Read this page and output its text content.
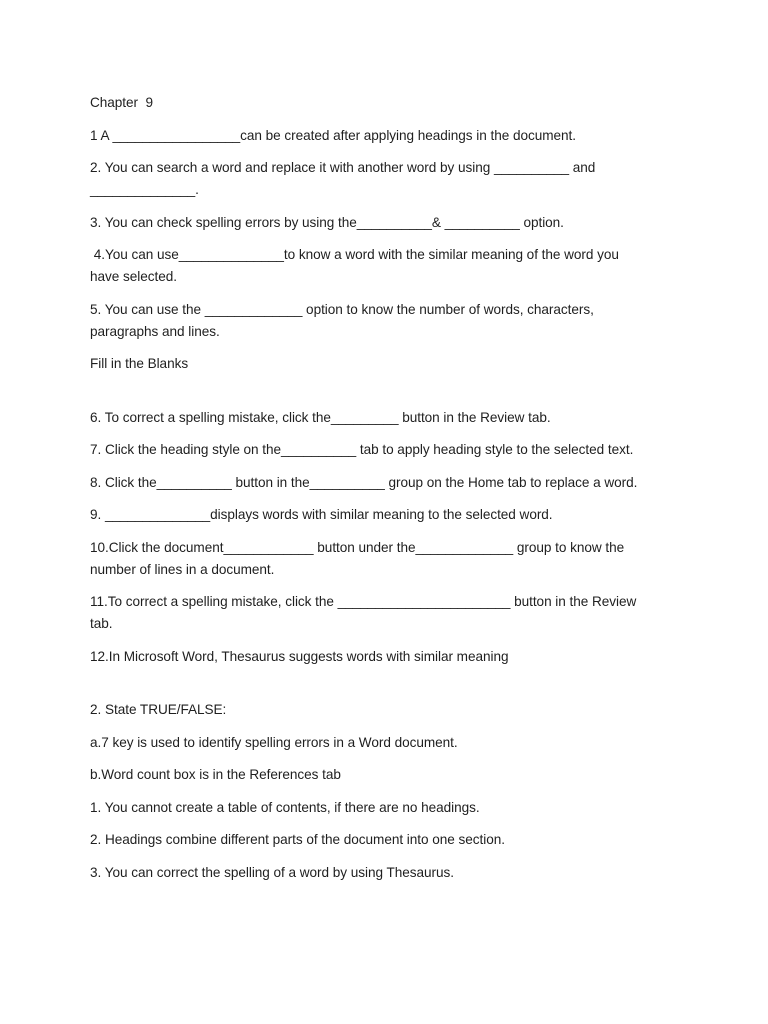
Chapter  9

1 A _________________can be created after applying headings in the document.

2. You can search a word and replace it with another word by using __________ and
______________.

3. You can check spelling errors by using the__________& __________ option.

4.You can use______________to know a word with the similar meaning of the word you
have selected.

5. You can use the _____________ option to know the number of words, characters,
paragraphs and lines.

Fill in the Blanks

6. To correct a spelling mistake, click the_________ button in the Review tab.

7. Click the heading style on the__________ tab to apply heading style to the selected text.

8. Click the__________ button in the__________ group on the Home tab to replace a word.

9. ______________displays words with similar meaning to the selected word.

10.Click the document____________ button under the_____________ group to know the
number of lines in a document.

11.To correct a spelling mistake, click the _______________________ button in the Review
tab.

12.In Microsoft Word, Thesaurus suggests words with similar meaning

2. State TRUE/FALSE:

a.7 key is used to identify spelling errors in a Word document.

b.Word count box is in the References tab

1. You cannot create a table of contents, if there are no headings.

2. Headings combine different parts of the document into one section.

3. You can correct the spelling of a word by using Thesaurus.
